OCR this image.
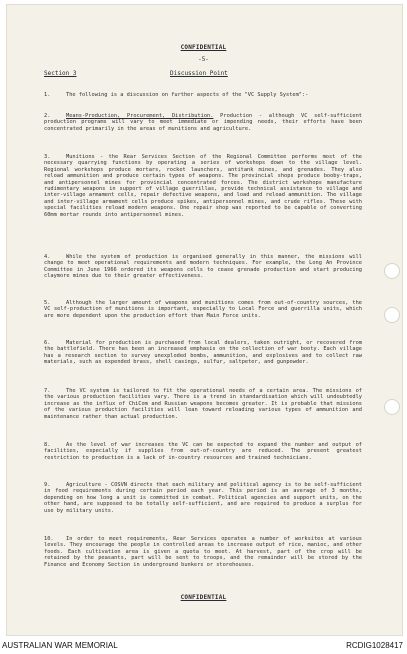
CONFIDENTIAL
-5-
Section 3	Discussion Point
1.	The following is a discussion on further aspects of the "VC Supply System":-
2.	Means-Production, Procurement, Distribution. Production - although VC self-sufficient production programs will vary to meet immediate or impending needs, their efforts have been concentrated primarily in the areas of munitions and agriculture.
3.	Munitions - the Rear Services Section of the Regional Committee performs most of the necessary quarrying functions by operating a series of workshops down to the village level. Regional workshops produce mortars, rocket launchers, antitank mines, and grenades. They also reload ammunition and produce certain types of weapons. The provincial shops produce booby-traps, and antipersonnel mines for provincial concentrated forces. The district workshops manufacture rudimentary weapons in support of village guerrillas, provide technical assistance to village and inter-village armament cells, repair defective weapons, and load and reload ammunition. The village and inter-village armament cells produce spikes, antipersonnel mines, and crude rifles. These with special facilities reload modern weapons. One repair shop was reported to be capable of converting 60mm mortar rounds into antipersonnel mines.
4.	While the system of production is organised generally in this manner, the missions will change to meet operational requirements and modern techniques. For example, the Long An Province Committee in June 1966 ordered its weapons cells to cease grenade production and start producing claymore mines due to their greater effectiveness.
5.	Although the larger amount of weapons and munitions comes from out-of-country sources, the VC self-production of munitions is important, especially to Local Force and guerrilla units, which are more dependent upon the production effort than Main Force units.
6.	Material for production is purchased from local dealers, taken outright, or recovered from the battlefield. There has been an increased emphasis on the collection of war booty. Each village has a research section to survey unexploded bombs, ammunition, and explosives and to collect raw materials, such as expended brass, shell casings, sulfur, saltpeter, and gunpowder.
7.	The VC system is tailored to fit the operational needs of a certain area. The missions of the various production facilities vary. There is a trend in standardisation which will undoubtedly increase as the influx of ChiCom and Russian weapons becomes greater. It is probable that missions of the various production facilities will lean toward reloading various types of ammunition and maintenance rather than actual production.
8.	As the level of war increases the VC can be expected to expand the number and output of facilities, especially if supplies from out-of-country are reduced. The present greatest restriction to production is a lack of in-country resources and trained technicians.
9.	Agriculture - COSVN directs that each military and political agency is to be self-sufficient in food requirements during certain period each year. This period is an average of 3 months, depending on how long a unit is committed in combat. Political agencies and support units, on the other hand, are supposed to be totally self-sufficient, and are required to produce a surplus for use by military units.
10. In order to meet requirements, Rear Services operates a number of worksites at various levels. They encourage the people in controlled areas to increase output of rice, manioc, and other foods. Each cultivation area is given a quota to meet. At harvest, part of the crop will be retained by the peasants, part will be sent to troops, and the remainder will be stored by the Finance and Economy Section in underground bunkers or storehouses.
CONFIDENTIAL
AUSTRALIAN WAR MEMORIAL	RCDIG1028417
